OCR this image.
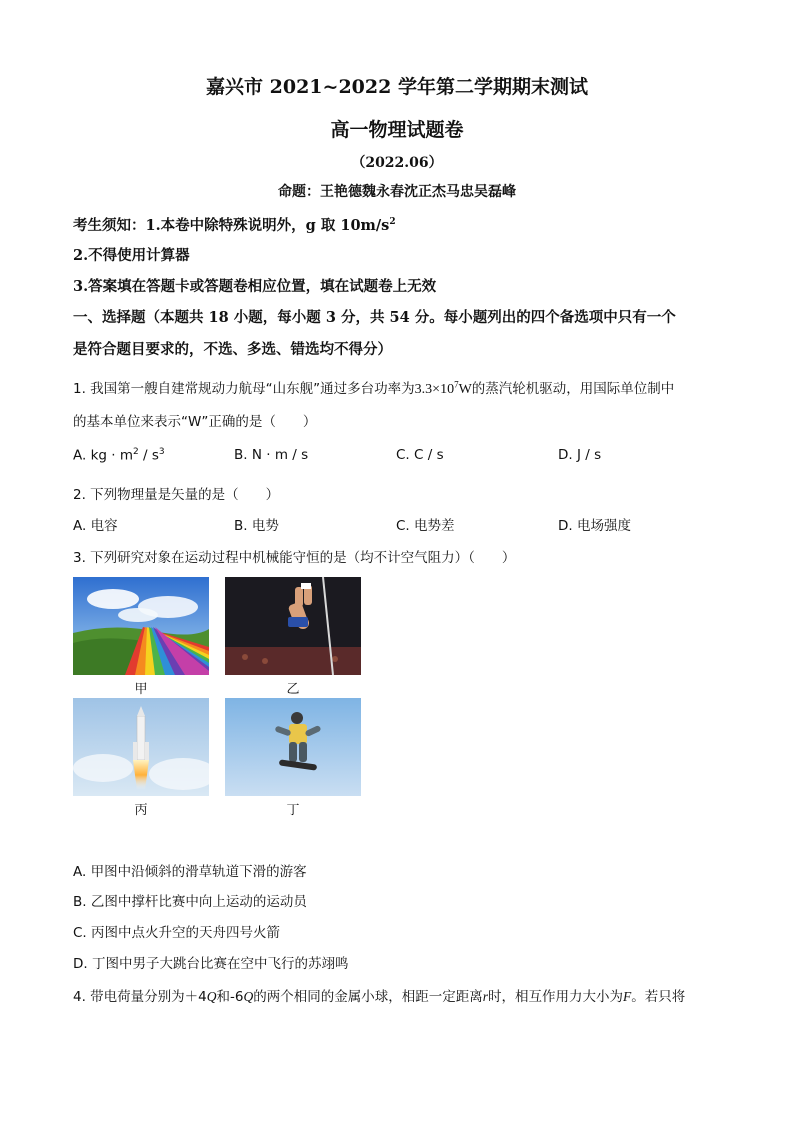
嘉兴市 2021~2022 学年第二学期期末测试
高一物理试题卷
（2022.06）
命题：王艳德魏永春沈正杰马忠吴磊峰
考生须知：1.本卷中除特殊说明外，g 取 $10m/s^2$
2.不得使用计算器
3.答案填在答题卡或答题卷相应位置，填在试题卷上无效
一、选择题（本题共 18 小题，每小题 3 分，共 54 分。每小题列出的四个备选项中只有一个
是符合题目要求的，不选、多选、错选均不得分）
1. 我国第一艘自建常规动力航母“山东舰”通过多台功率为$3.3\times 10^7W$的蒸汽轮机驱动，用国际单位制中
的基本单位来表示“W”正确的是（　　）
A. kg · $m^2 / s^3$	B. N · m / s	C. C / s	D. J / s
2. 下列物理量是矢量的是（　　）
A. 电容	B. 电势	C. 电势差	D. 电场强度
3. 下列研究对象在运动过程中机械能守恒的是（均不计空气阻力）（　　）
甲	乙
丙	丁
A. 甲图中沿倾斜的滑草轨道下滑的游客
B. 乙图中撑杆比赛中向上运动的运动员
C. 丙图中点火升空的天舟四号火箭
D. 丁图中男子大跳台比赛在空中飞行的苏翊鸣
4. 带电荷量分别为＋4Q和-6Q的两个相同的金属小球，相距一定距离r时，相互作用力大小为F。若只将
